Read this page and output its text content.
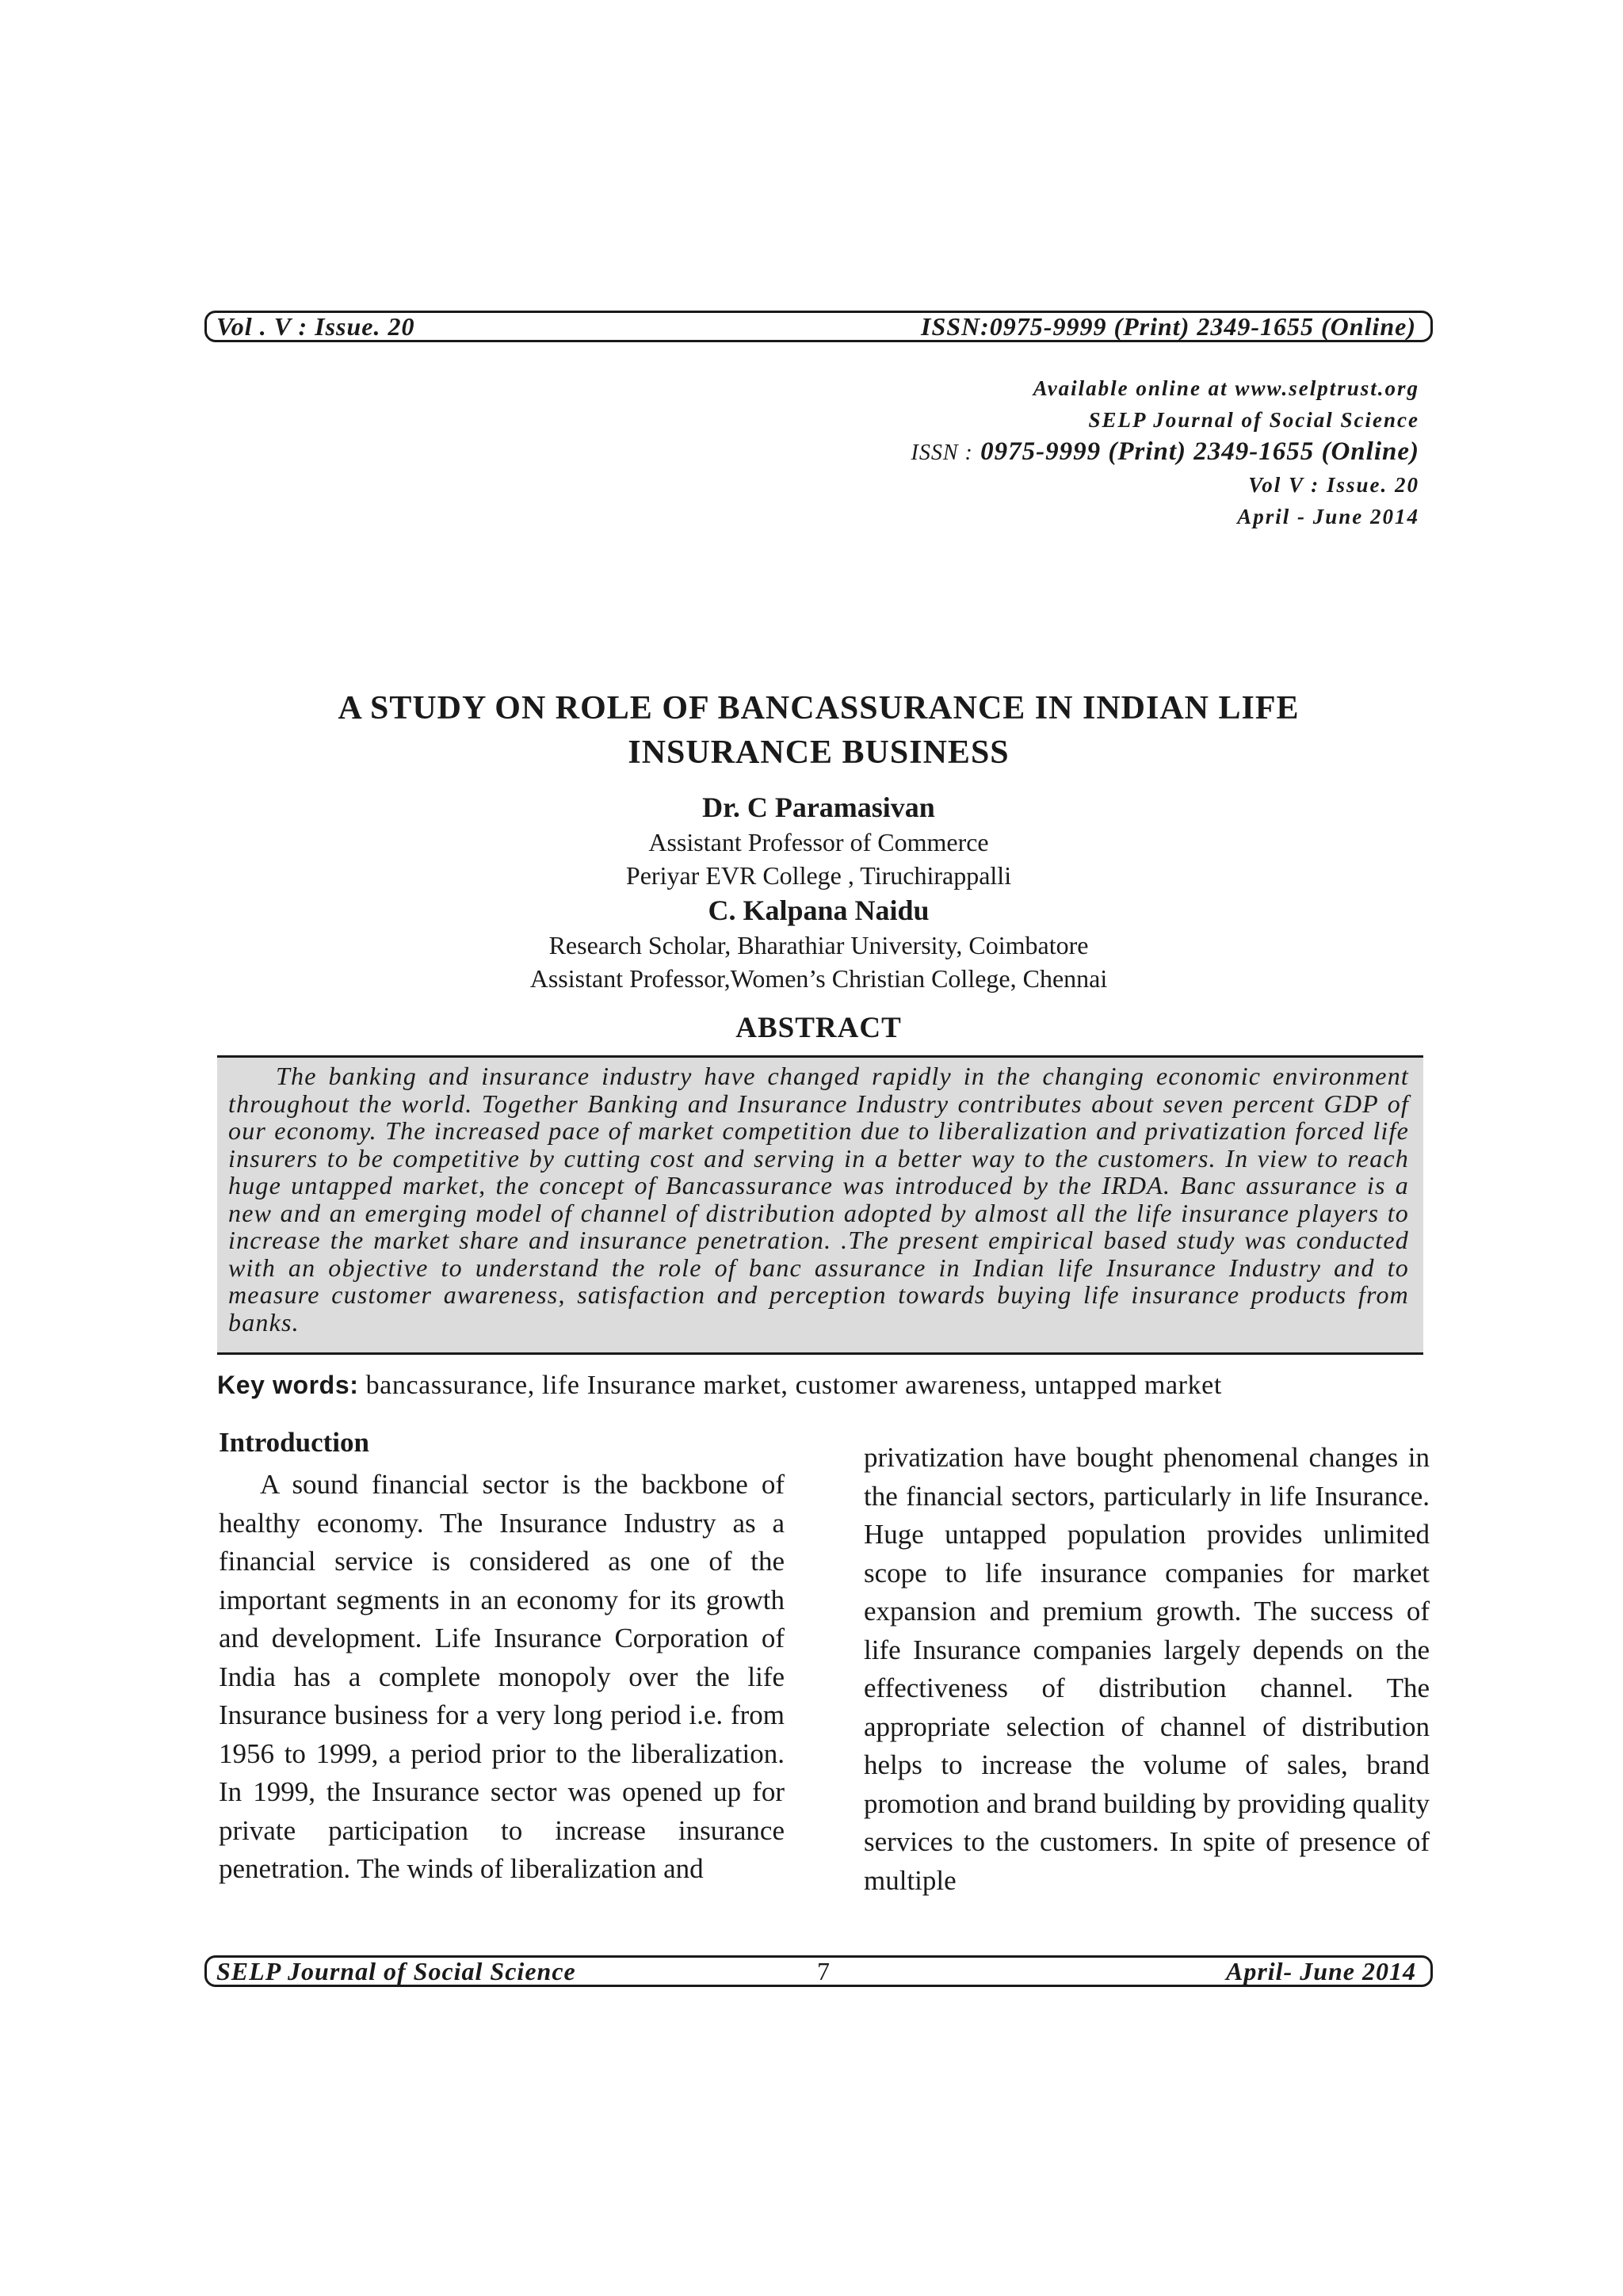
Vol . V : Issue. 20	ISSN:0975-9999 (Print) 2349-1655 (Online)
Available online at www.selptrust.org
SELP Journal of Social Science
ISSN : 0975-9999 (Print) 2349-1655 (Online)
Vol V : Issue. 20
April - June 2014
A STUDY ON ROLE OF BANCASSURANCE IN INDIAN LIFE
INSURANCE BUSINESS
Dr. C Paramasivan
Assistant Professor of Commerce
Periyar EVR College , Tiruchirappalli
C. Kalpana Naidu
Research Scholar, Bharathiar University, Coimbatore
Assistant Professor,Women’s Christian College, Chennai
ABSTRACT
The banking and insurance industry have changed rapidly in the changing economic environment throughout the world. Together Banking and Insurance Industry contributes about seven percent GDP of our economy. The increased pace of market competition due to liberalization and privatization forced life insurers to be competitive by cutting cost and serving in a better way to the customers. In view to reach huge untapped market, the concept of Bancassurance was introduced by the IRDA. Banc assurance is a new and an emerging model of channel of distribution adopted by almost all the life insurance players to increase the market share and insurance penetration. .The present empirical based study was conducted with an objective to understand the role of banc assurance in Indian life Insurance Industry and to measure customer awareness, satisfaction and perception towards buying life insurance products from banks.
Key words: bancassurance, life Insurance market, customer awareness, untapped market
Introduction

A sound financial sector is the backbone of healthy economy. The Insurance Industry as a financial service is considered as one of the important segments in an economy for its growth and development. Life Insurance Corporation of India has a complete monopoly over the life Insurance business for a very long period i.e. from 1956 to 1999, a period prior to the liberalization. In 1999, the Insurance sector was opened up for private participation to increase insurance penetration. The winds of liberalization and

privatization have bought phenomenal changes in the financial sectors, particularly in life Insurance. Huge untapped population provides unlimited scope to life insurance companies for market expansion and premium growth. The success of life Insurance companies largely depends on the effectiveness of distribution channel. The appropriate selection of channel of distribution helps to increase the volume of sales, brand promotion and brand building by providing quality services to the customers. In spite of presence of multiple

SELP Journal of Social Science	7	April- June 2014
